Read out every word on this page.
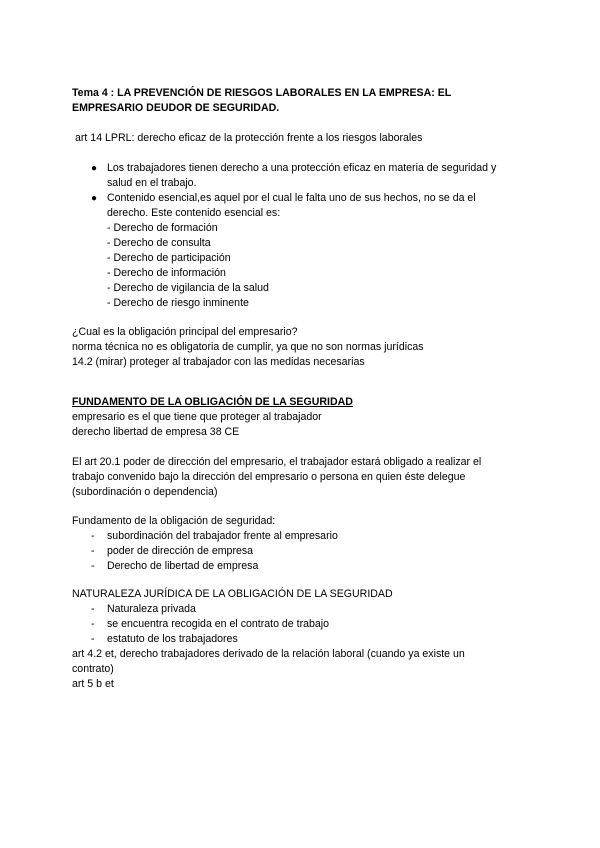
Tema 4 : LA PREVENCIÓN DE RIESGOS LABORALES EN LA EMPRESA: EL
EMPRESARIO DEUDOR DE SEGURIDAD.
art 14 LPRL: derecho eficaz de la protección frente a los riesgos laborales
● Los trabajadores tienen derecho a una protección eficaz en materia de seguridad y
salud en el trabajo.
● Contenido esencial,es aquel por el cual le falta uno de sus hechos, no se da el
derecho. Este contenido esencial es:
- Derecho de formación
- Derecho de consulta
- Derecho de participación
- Derecho de información
- Derecho de vigilancia de la salud
- Derecho de riesgo inminente
¿Cual es la obligación principal del empresario?
norma técnica no es obligatoria de cumplir, ya que no son normas jurídicas
14.2 (mirar) proteger al trabajador con las medidas necesarias
FUNDAMENTO DE LA OBLIGACIÓN DE LA SEGURIDAD
empresario es el que tiene que proteger al trabajador
derecho libertad de empresa 38 CE
El art 20.1 poder de dirección del empresario, el trabajador estará obligado a realizar el
trabajo convenido bajo la dirección del empresario o persona en quien éste delegue
(subordinación o dependencia)
Fundamento de la obligación de seguridad:
- subordinación del trabajador frente al empresario
- poder de dirección de empresa
- Derecho de libertad de empresa
NATURALEZA JURÍDICA DE LA OBLIGACIÓN DE LA SEGURIDAD
- Naturaleza privada
- se encuentra recogida en el contrato de trabajo
- estatuto de los trabajadores
art 4.2 et, derecho trabajadores derivado de la relación laboral (cuando ya existe un
contrato)
art 5 b et
